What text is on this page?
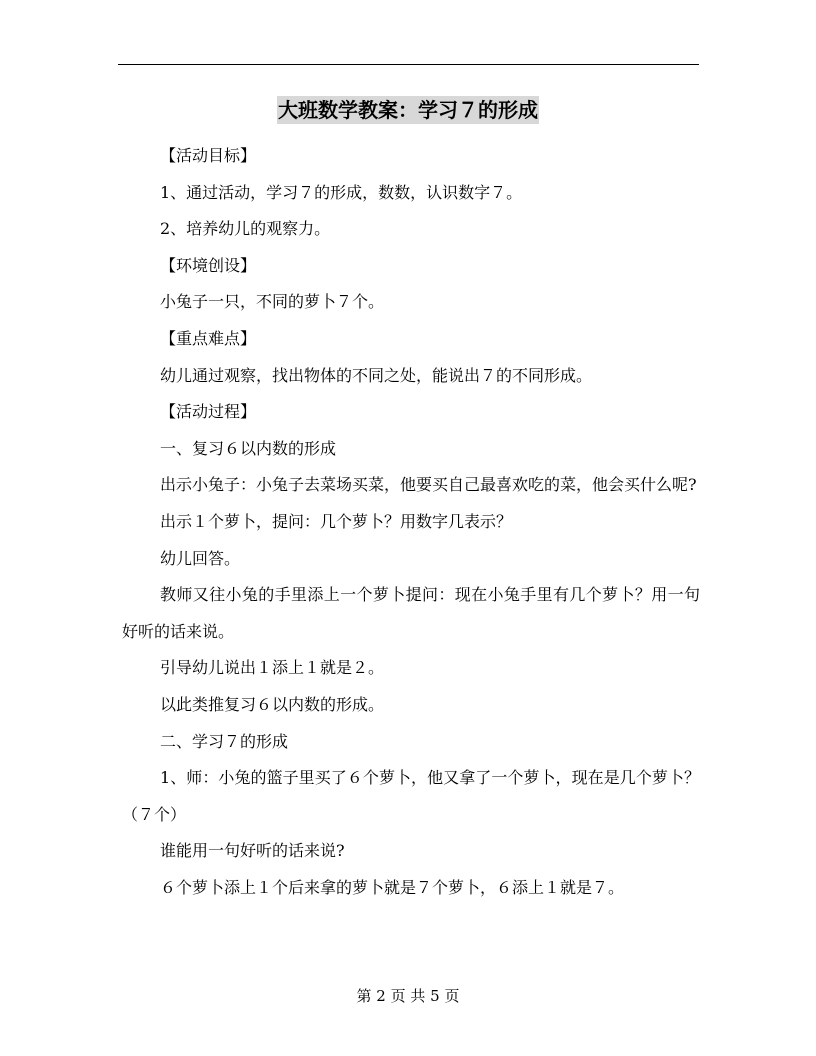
大班数学教案：学习７的形成

【活动目标】

1、通过活动，学习７的形成，数数，认识数字７。

2、培养幼儿的观察力。

【环境创设】

小兔子一只，不同的萝卜７个。

【重点难点】

幼儿通过观察，找出物体的不同之处，能说出７的不同形成。

【活动过程】

一、复习６以内数的形成

出示小兔子：小兔子去菜场买菜，他要买自己最喜欢吃的菜，他会买什么呢?

出示１个萝卜，提问：几个萝卜？用数字几表示？

幼儿回答。

教师又往小兔的手里添上一个萝卜提问：现在小兔手里有几个萝卜？用一句好听的话来说。

引导幼儿说出１添上１就是２。

以此类推复习６以内数的形成。

二、学习７的形成

1、师：小兔的篮子里买了６个萝卜，他又拿了一个萝卜，现在是几个萝卜？（７个）

谁能用一句好听的话来说?

６个萝卜添上１个后来拿的萝卜就是７个萝卜，６添上１就是７。

第 2 页 共 5 页
